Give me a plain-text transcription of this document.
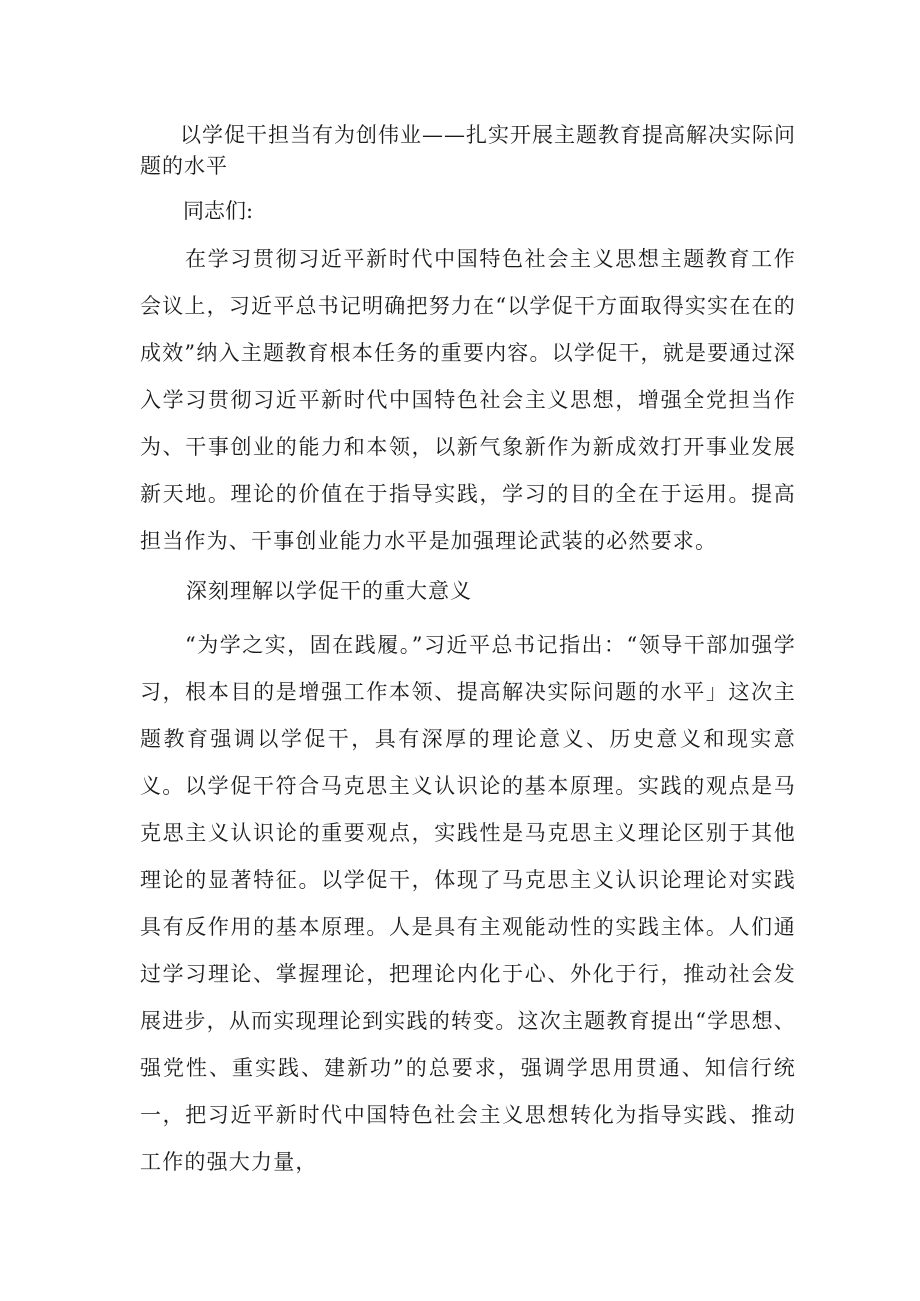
以学促干担当有为创伟业——扎实开展主题教育提高解决实际问题的水平

同志们:

在学习贯彻习近平新时代中国特色社会主义思想主题教育工作会议上，习近平总书记明确把努力在“以学促干方面取得实实在在的成效”纳入主题教育根本任务的重要内容。以学促干，就是要通过深入学习贯彻习近平新时代中国特色社会主义思想，增强全党担当作为、干事创业的能力和本领，以新气象新作为新成效打开事业发展新天地。理论的价值在于指导实践，学习的目的全在于运用。提高担当作为、干事创业能力水平是加强理论武装的必然要求。

深刻理解以学促干的重大意义

“为学之实，固在践履。”习近平总书记指出：“领导干部加强学习，根本目的是增强工作本领、提高解决实际问题的水平」这次主题教育强调以学促干，具有深厚的理论意义、历史意义和现实意义。 以学促干符合马克思主义认识论的基本原理。实践的观点是马克思主义认识论的重要观点，实践性是马克思主义理论区别于其他理论的显著特征。以学促干，体现了马克思主义认识论理论对实践具有反作用的基本原理。人是具有主观能动性的实践主体。人们通过学习理论、掌握理论，把理论内化于心、外化于行，推动社会发展进步，从而实现理论到实践的转变。这次主题教育提出“学思想、强党性、重实践、建新功”的总要求，强调学思用贯通、知信行统一，把习近平新时代中国特色社会主义思想转化为指导实践、推动工作的强大力量，
